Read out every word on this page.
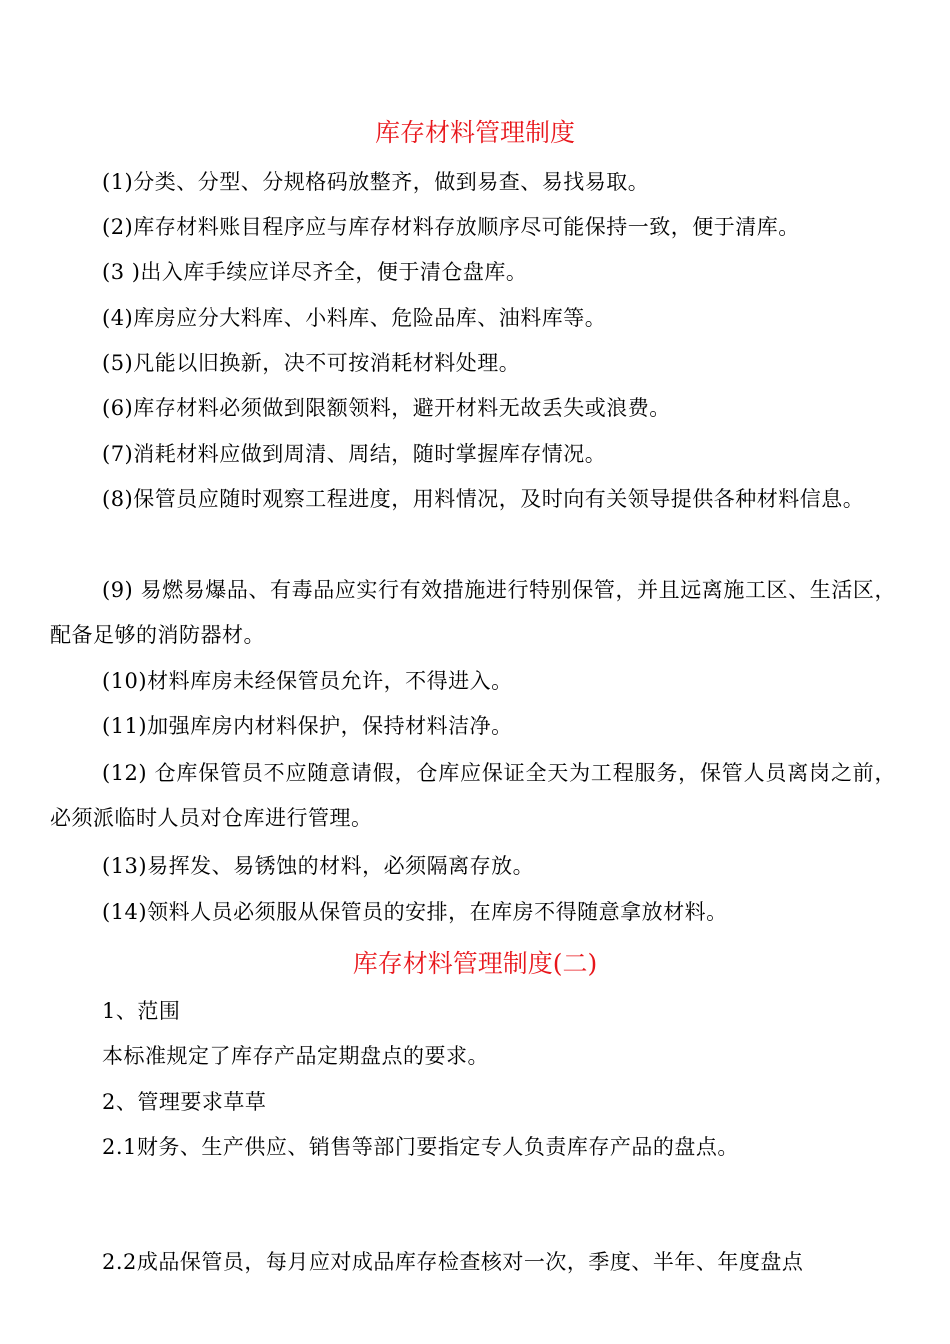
库存材料管理制度
(1)分类、分型、分规格码放整齐，做到易查、易找易取。
(2)库存材料账目程序应与库存材料存放顺序尽可能保持一致，便于清库。
(3 )出入库手续应详尽齐全，便于清仓盘库。
(4)库房应分大料库、小料库、危险品库、油料库等。
(5)凡能以旧换新，决不可按消耗材料处理。
(6)库存材料必须做到限额领料，避开材料无故丢失或浪费。
(7)消耗材料应做到周清、周结，随时掌握库存情况。
(8)保管员应随时观察工程进度，用料情况，及时向有关领导提供各种材料信息。
(9) 易燃易爆品、有毒品应实行有效措施进行特别保管，并且远离施工区、生活区，配备足够的消防器材。
(10)材料库房未经保管员允许，不得进入。
(11)加强库房内材料保护，保持材料洁净。
(12) 仓库保管员不应随意请假，仓库应保证全天为工程服务，保管人员离岗之前，必须派临时人员对仓库进行管理。
(13)易挥发、易锈蚀的材料，必须隔离存放。
(14)领料人员必须服从保管员的安排，在库房不得随意拿放材料。
库存材料管理制度(二)
1、范围
本标准规定了库存产品定期盘点的要求。
2、管理要求草草
2.1财务、生产供应、销售等部门要指定专人负责库存产品的盘点。
2.2成品保管员，每月应对成品库存检查核对一次，季度、半年、年度盘点
